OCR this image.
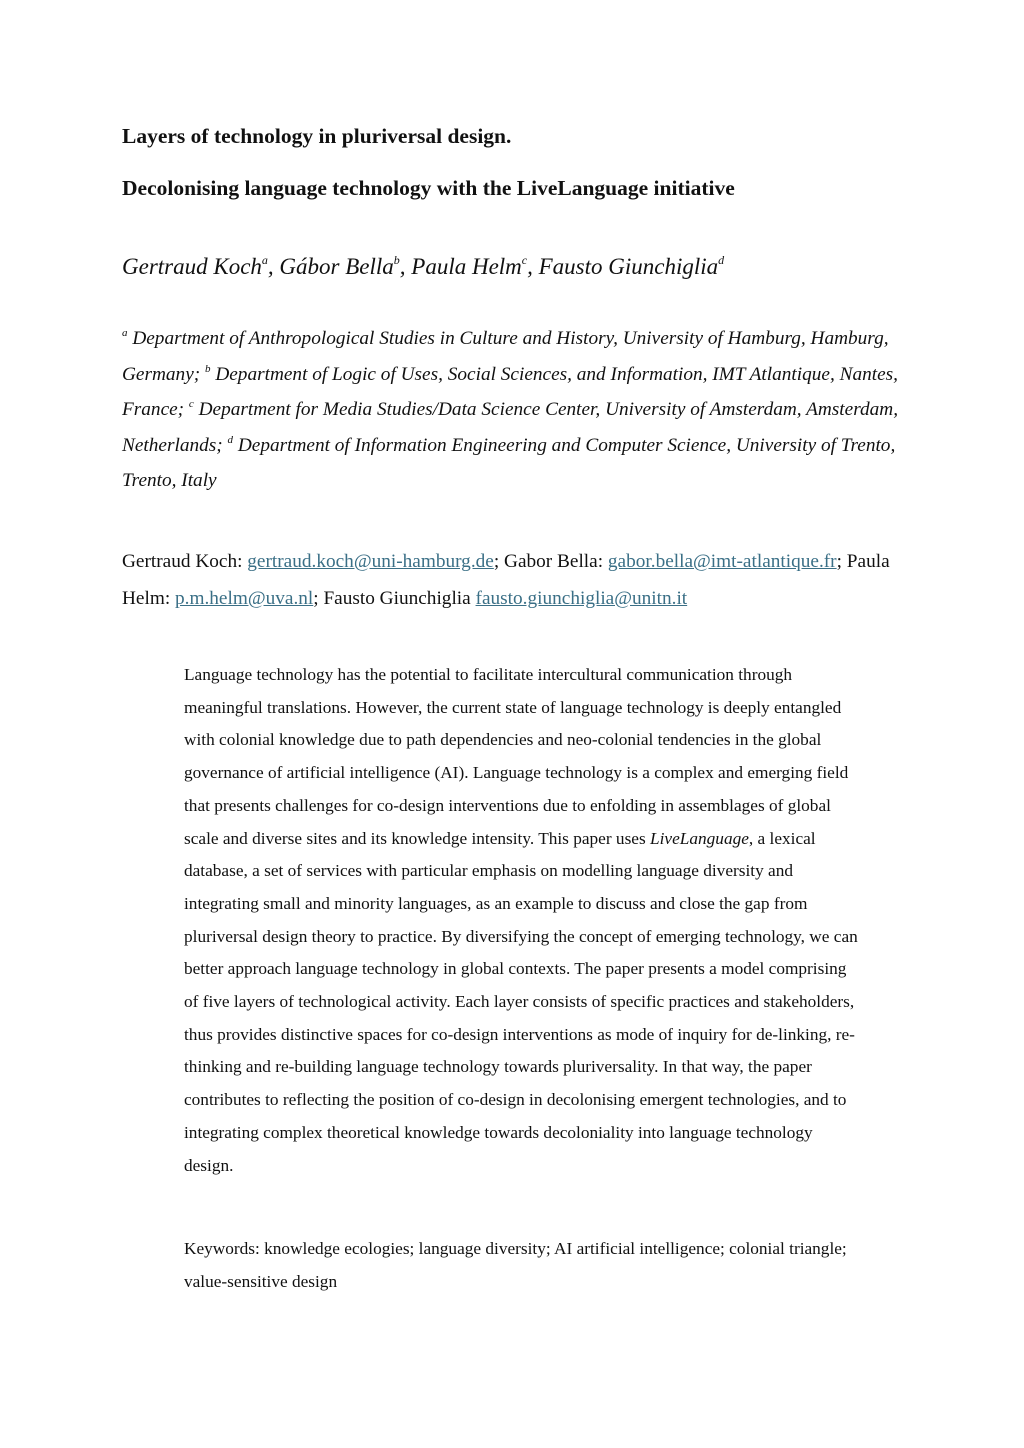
Layers of technology in pluriversal design.
Decolonising language technology with the LiveLanguage initiative
Gertraud Koch$^a$, Gábor Bella$^b$, Paula Helm$^c$, Fausto Giunchiglia$^d$
$^a$ Department of Anthropological Studies in Culture and History, University of Hamburg, Hamburg, Germany; $^b$ Department of Logic of Uses, Social Sciences, and Information, IMT Atlantique, Nantes, France; $^c$ Department for Media Studies/Data Science Center, University of Amsterdam, Amsterdam, Netherlands; $^d$ Department of Information Engineering and Computer Science, University of Trento, Trento, Italy
Gertraud Koch: gertraud.koch@uni-hamburg.de; Gabor Bella: gabor.bella@imt-atlantique.fr; Paula Helm: p.m.helm@uva.nl; Fausto Giunchiglia fausto.giunchiglia@unitn.it

Language technology has the potential to facilitate intercultural communication through meaningful translations. However, the current state of language technology is deeply entangled with colonial knowledge due to path dependencies and neo-colonial tendencies in the global governance of artificial intelligence (AI). Language technology is a complex and emerging field that presents challenges for co-design interventions due to enfolding in assemblages of global scale and diverse sites and its knowledge intensity. This paper uses LiveLanguage, a lexical database, a set of services with particular emphasis on modelling language diversity and integrating small and minority languages, as an example to discuss and close the gap from pluriversal design theory to practice. By diversifying the concept of emerging technology, we can better approach language technology in global contexts. The paper presents a model comprising of five layers of technological activity. Each layer consists of specific practices and stakeholders, thus provides distinctive spaces for co-design interventions as mode of inquiry for de-linking, re-thinking and re-building language technology towards pluriversality. In that way, the paper contributes to reflecting the position of co-design in decolonising emergent technologies, and to integrating complex theoretical knowledge towards decoloniality into language technology design.

Keywords: knowledge ecologies; language diversity; AI artificial intelligence; colonial triangle; value-sensitive design
